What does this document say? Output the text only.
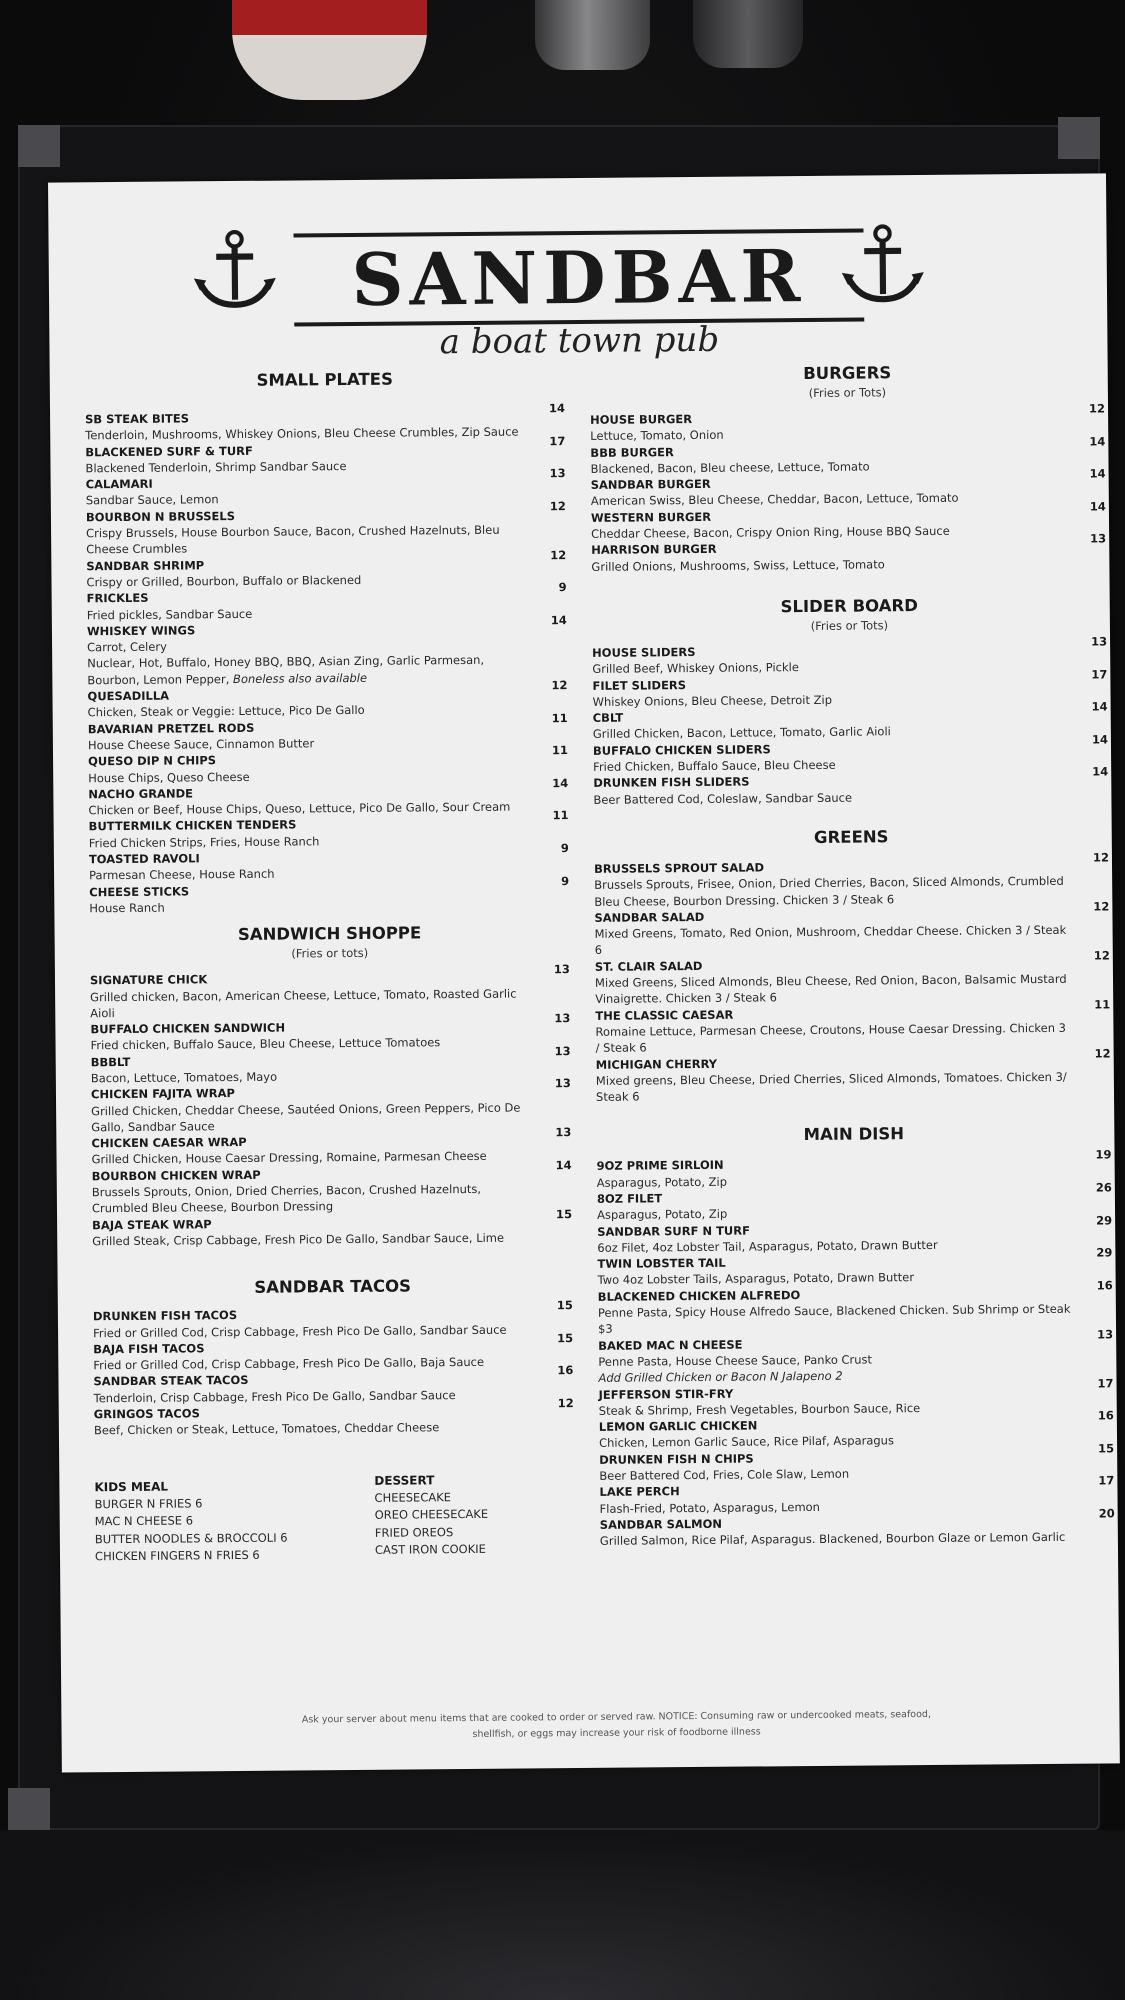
SANDBAR
a boat town pub
SMALL PLATES
SB STEAK BITES
Tenderloin, Mushrooms, Whiskey Onions, Bleu Cheese Crumbles, Zip Sauce
14
BLACKENED SURF & TURF
Blackened Tenderloin, Shrimp Sandbar Sauce
17
CALAMARI
Sandbar Sauce, Lemon
13
BOURBON N BRUSSELS
Crispy Brussels, House Bourbon Sauce, Bacon, Crushed Hazelnuts, Bleu Cheese Crumbles
12
SANDBAR SHRIMP
Crispy or Grilled, Bourbon, Buffalo or Blackened
12
FRICKLES
Fried pickles, Sandbar Sauce
9
WHISKEY WINGS
Carrot, Celery
Nuclear, Hot, Buffalo, Honey BBQ, BBQ, Asian Zing, Garlic Parmesan, Bourbon, Lemon Pepper, Boneless also available
14
QUESADILLA
Chicken, Steak or Veggie: Lettuce, Pico De Gallo
12
BAVARIAN PRETZEL RODS
House Cheese Sauce, Cinnamon Butter
11
QUESO DIP N CHIPS
House Chips, Queso Cheese
11
NACHO GRANDE
Chicken or Beef, House Chips, Queso, Lettuce, Pico De Gallo, Sour Cream
14
BUTTERMILK CHICKEN TENDERS
Fried Chicken Strips, Fries, House Ranch
11
TOASTED RAVOLI
Parmesan Cheese, House Ranch
9
CHEESE STICKS
House Ranch
9
SANDWICH SHOPPE
(Fries or tots)
SIGNATURE CHICK
Grilled chicken, Bacon, American Cheese, Lettuce, Tomato, Roasted Garlic Aioli
13
BUFFALO CHICKEN SANDWICH
Fried chicken, Buffalo Sauce, Bleu Cheese, Lettuce Tomatoes
13
BBBLT
Bacon, Lettuce, Tomatoes, Mayo
13
CHICKEN FAJITA WRAP
Grilled Chicken, Cheddar Cheese, Sautéed Onions, Green Peppers, Pico De Gallo, Sandbar Sauce
13
CHICKEN CAESAR WRAP
Grilled Chicken, House Caesar Dressing, Romaine, Parmesan Cheese
13
BOURBON CHICKEN WRAP
Brussels Sprouts, Onion, Dried Cherries, Bacon, Crushed Hazelnuts, Crumbled Bleu Cheese, Bourbon Dressing
14
BAJA STEAK WRAP
Grilled Steak, Crisp Cabbage, Fresh Pico De Gallo, Sandbar Sauce, Lime
15
SANDBAR TACOS
DRUNKEN FISH TACOS
Fried or Grilled Cod, Crisp Cabbage, Fresh Pico De Gallo, Sandbar Sauce
15
BAJA FISH TACOS
Fried or Grilled Cod, Crisp Cabbage, Fresh Pico De Gallo, Baja Sauce
15
SANDBAR STEAK TACOS
Tenderloin, Crisp Cabbage, Fresh Pico De Gallo, Sandbar Sauce
16
GRINGOS TACOS
Beef, Chicken or Steak, Lettuce, Tomatoes, Cheddar Cheese
12
KIDS MEAL
BURGER N FRIES 6
MAC N CHEESE 6
BUTTER NOODLES & BROCCOLI 6
CHICKEN FINGERS N FRIES 6
DESSERT
CHEESECAKE
OREO CHEESECAKE
FRIED OREOS
CAST IRON COOKIE
BURGERS
(Fries or Tots)
HOUSE BURGER
Lettuce, Tomato, Onion
12
BBB BURGER
Blackened, Bacon, Bleu cheese, Lettuce, Tomato
14
SANDBAR BURGER
American Swiss, Bleu Cheese, Cheddar, Bacon, Lettuce, Tomato
14
WESTERN BURGER
Cheddar Cheese, Bacon, Crispy Onion Ring, House BBQ Sauce
14
HARRISON BURGER
Grilled Onions, Mushrooms, Swiss, Lettuce, Tomato
13
SLIDER BOARD
(Fries or Tots)
HOUSE SLIDERS
Grilled Beef, Whiskey Onions, Pickle
13
FILET SLIDERS
Whiskey Onions, Bleu Cheese, Detroit Zip
17
CBLT
Grilled Chicken, Bacon, Lettuce, Tomato, Garlic Aioli
14
BUFFALO CHICKEN SLIDERS
Fried Chicken, Buffalo Sauce, Bleu Cheese
14
DRUNKEN FISH SLIDERS
Beer Battered Cod, Coleslaw, Sandbar Sauce
14
GREENS
BRUSSELS SPROUT SALAD
Brussels Sprouts, Frisee, Onion, Dried Cherries, Bacon, Sliced Almonds, Crumbled Bleu Cheese, Bourbon Dressing. Chicken 3 / Steak 6
12
SANDBAR SALAD
Mixed Greens, Tomato, Red Onion, Mushroom, Cheddar Cheese. Chicken 3 / Steak 6
12
ST. CLAIR SALAD
Mixed Greens, Sliced Almonds, Bleu Cheese, Red Onion, Bacon, Balsamic Mustard Vinaigrette. Chicken 3 / Steak 6
12
THE CLASSIC CAESAR
Romaine Lettuce, Parmesan Cheese, Croutons, House Caesar Dressing. Chicken 3 / Steak 6
11
MICHIGAN CHERRY
Mixed greens, Bleu Cheese, Dried Cherries, Sliced Almonds, Tomatoes. Chicken 3/ Steak 6
12
MAIN DISH
9OZ PRIME SIRLOIN
Asparagus, Potato, Zip
19
8OZ FILET
Asparagus, Potato, Zip
26
SANDBAR SURF N TURF
6oz Filet, 4oz Lobster Tail, Asparagus, Potato, Drawn Butter
29
TWIN LOBSTER TAIL
Two 4oz Lobster Tails, Asparagus, Potato, Drawn Butter
29
BLACKENED CHICKEN ALFREDO
Penne Pasta, Spicy House Alfredo Sauce, Blackened Chicken. Sub Shrimp or Steak $3
16
BAKED MAC N CHEESE
Penne Pasta, House Cheese Sauce, Panko Crust
Add Grilled Chicken or Bacon N Jalapeno 2
13
JEFFERSON STIR-FRY
Steak & Shrimp, Fresh Vegetables, Bourbon Sauce, Rice
17
LEMON GARLIC CHICKEN
Chicken, Lemon Garlic Sauce, Rice Pilaf, Asparagus
16
DRUNKEN FISH N CHIPS
Beer Battered Cod, Fries, Cole Slaw, Lemon
15
LAKE PERCH
Flash-Fried, Potato, Asparagus, Lemon
17
SANDBAR SALMON
Grilled Salmon, Rice Pilaf, Asparagus. Blackened, Bourbon Glaze or Lemon Garlic
20
Ask your server about menu items that are cooked to order or served raw. NOTICE: Consuming raw or undercooked meats, seafood, shellfish, or eggs may increase your risk of foodborne illness
